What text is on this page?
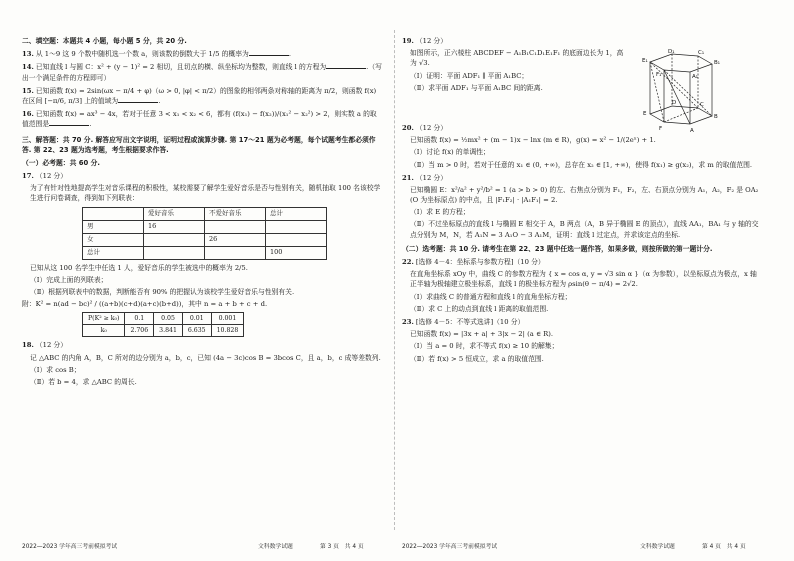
二、填空题：本题共 4 小题，每小题 5 分，共 20 分.

13. 从 1～9 这 9 个数中随机选一个数 a，则该数的倒数大于 1/5 的概率为	.
14. 已知直线 l 与圆 C：x² + (y − 1)² = 2 相切，且切点的横、纵坐标均为整数，则直线 l 的方程为	.（写出一个满足条件的方程即可）
15. 已知函数 f(x) = 2sin(ωx − π/4 + φ)（ω > 0, |φ| < π/2）的图象的相邻两条对称轴的距离为 π/2，则函数 f(x) 在区间 [−π/6, π/3] 上的值域为	.
16. 已知函数 f(x) = ax³ − 4x，若对于任意 3 < x₁ < x₂ < 6，都有 (f(x₁) − f(x₂))/(x₁² − x₂²) > 2，则实数 a 的取值范围是	.

三、解答题：共 70 分. 解答应写出文字说明，证明过程或演算步骤. 第 17～21 题为必考题，每个试题考生都必须作答. 第 22、23 题为选考题，考生根据要求作答.

（一）必考题：共 60 分.

17. （12 分）

为了有针对性地提高学生对音乐课程的积极性，某校需要了解学生爱好音乐是否与性别有关，随机抽取 100 名该校学生进行问卷调查，得到如下列联表：

	爱好音乐	不爱好音乐	总计
男	16		
女		26	
总计			100

已知从这 100 名学生中任选 1 人，爱好音乐的学生被选中的概率为 2/5.

（Ⅰ）完成上面的列联表；

（Ⅱ）根据列联表中的数据，判断能否有 90% 的把握认为该校学生爱好音乐与性别有关.

附：K² = n(ad − bc)² / ((a+b)(c+d)(a+c)(b+d))，其中 n = a + b + c + d.

P(K² ≥ k₀)	0.1	0.05	0.01	0.001
k₀	2.706	3.841	6.635	10.828

18. （12 分）

记 △ABC 的内角 A，B，C 所对的边分别为 a，b，c，已知 (4a − 3c)cos B = 3bcos C，且 a，b，c 成等差数列.

（Ⅰ）求 cos B；

（Ⅱ）若 b = 4，求 △ABC 的周长.

19. （12 分）

如图所示，正六棱柱 ABCDEF − A₁B₁C₁D₁E₁F₁ 的底面边长为 1，高为 √3.

（Ⅰ）证明：平面 ADF₁ ∥ 平面 A₁BC；

（Ⅱ）求平面 ADF₁ 与平面 A₁BC 间的距离.

20. （12 分）

已知函数 f(x) = ½mx² + (m − 1)x − lnx (m ∈ R)，g(x) = x² − 1/(2eˣ) + 1.

（Ⅰ）讨论 f(x) 的单调性；

（Ⅱ）当 m > 0 时，若对于任意的 x₁ ∈ (0, +∞)，总存在 x₂ ∈ [1, +∞)，使得 f(x₁) ≥ g(x₂)，求 m 的取值范围.

21. （12 分）

已知椭圆 E：x²/a² + y²/b² = 1 (a > b > 0) 的左、右焦点分别为 F₁，F₂，左、右顶点分别为 A₁，A₂，F₂ 是 OA₂ (O 为坐标原点) 的中点，且 |F₁F₂| · |A₁F₁| = 2.

（Ⅰ）求 E 的方程；

（Ⅱ）不过坐标原点的直线 l 与椭圆 E 相交于 A，B 两点（A，B 异于椭圆 E 的顶点），直线 AA₁，BA₁ 与 y 轴的交点分别为 M，N，若 A₁N = 3 A₁O − 3 A₁M，证明：直线 l 过定点，并求该定点的坐标.

（二）选考题：共 10 分. 请考生在第 22、23 题中任选一题作答，如果多做，则按所做的第一题计分.

22. [选修 4－4：坐标系与参数方程]（10 分）

在直角坐标系 xOy 中，曲线 C 的参数方程为 { x = cos α, y = √3 sin α }（α 为参数），以坐标原点为极点，x 轴正半轴为极轴建立极坐标系，直线 l 的极坐标方程为 ρsin(θ − π/4) = 2√2.

（Ⅰ）求曲线 C 的普通方程和直线 l 的直角坐标方程；

（Ⅱ）求 C 上的动点到直线 l 距离的取值范围.

23. [选修 4－5：不等式选讲]（10 分）

已知函数 f(x) = |3x + a| + 3|x − 2| (a ∈ R).

（Ⅰ）当 a = 0 时，求不等式 f(x) ≥ 10 的解集；

（Ⅱ）若 f(x) > 5 恒成立，求 a 的取值范围.

D₁	C₁
E₁	B₁
F₁	A₁
D	C
E	B
F	A
2022—2023 学年高三考前模拟考试	文科数学试题	第 3 页　共 4 页	2022—2023 学年高三考前模拟考试	文科数学试题	第 4 页　共 4 页
